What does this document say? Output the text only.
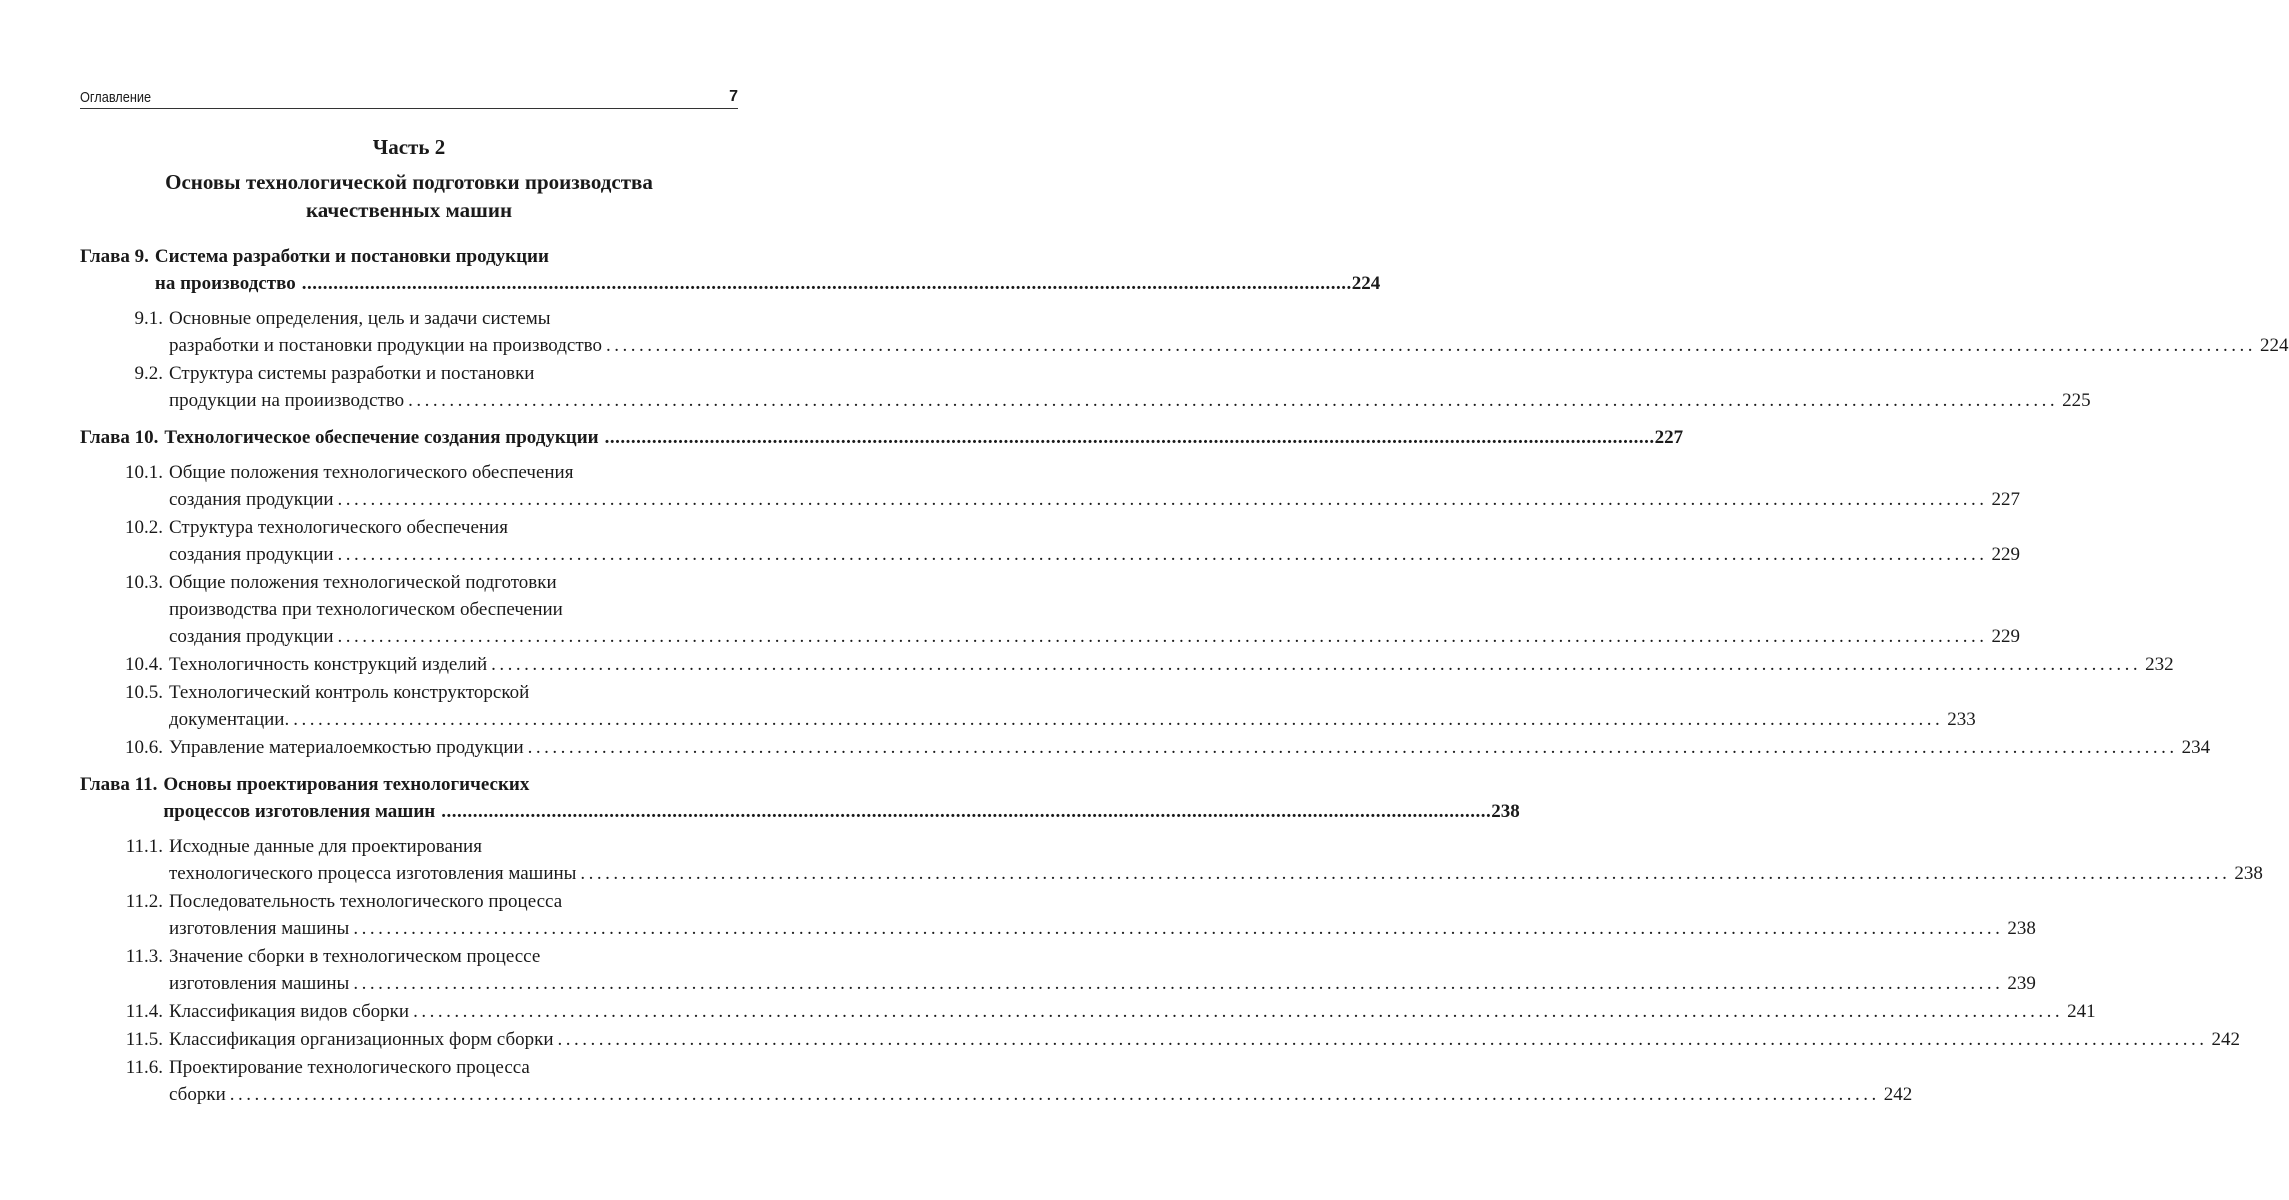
Оглавление	7
Часть 2
Основы технологической подготовки производства
качественных машин
Глава 9. Система разработки и постановки продукции
на производство ........................................................................................................................................................................................................ 224
9.1. Основные определения, цель и задачи системы
разработки и постановки продукции на производство ........................................................................................................................................................................................................ 224
9.2. Структура системы разработки и постановки
продукции на проиизводство ........................................................................................................................................................................................................ 225
Глава 10. Технологическое обеспечение создания продукции ........................................................................................................................................................................................................ 227
10.1. Общие положения технологического обеспечения
создания продукции ........................................................................................................................................................................................................ 227
10.2. Структура технологического обеспечения
создания продукции ........................................................................................................................................................................................................ 229
10.3. Общие положения технологической подготовки
производства при технологическом обеспечении
создания продукции ........................................................................................................................................................................................................ 229
10.4. Технологичность конструкций изделий ........................................................................................................................................................................................................ 232
10.5. Технологический контроль конструкторской
документации. ........................................................................................................................................................................................................ 233
10.6. Управление материалоемкостью продукции ........................................................................................................................................................................................................ 234
Глава 11. Основы проектирования технологических
процессов изготовления машин ........................................................................................................................................................................................................ 238
11.1. Исходные данные для проектирования
технологического процесса изготовления машины ........................................................................................................................................................................................................ 238
11.2. Последовательность технологического процесса
изготовления машины ........................................................................................................................................................................................................ 238
11.3. Значение сборки в технологическом процессе
изготовления машины ........................................................................................................................................................................................................ 239
11.4. Классификация видов сборки ........................................................................................................................................................................................................ 241
11.5. Классификация организационных форм сборки ........................................................................................................................................................................................................ 242
11.6. Проектирование технологического процесса
сборки ........................................................................................................................................................................................................ 242
